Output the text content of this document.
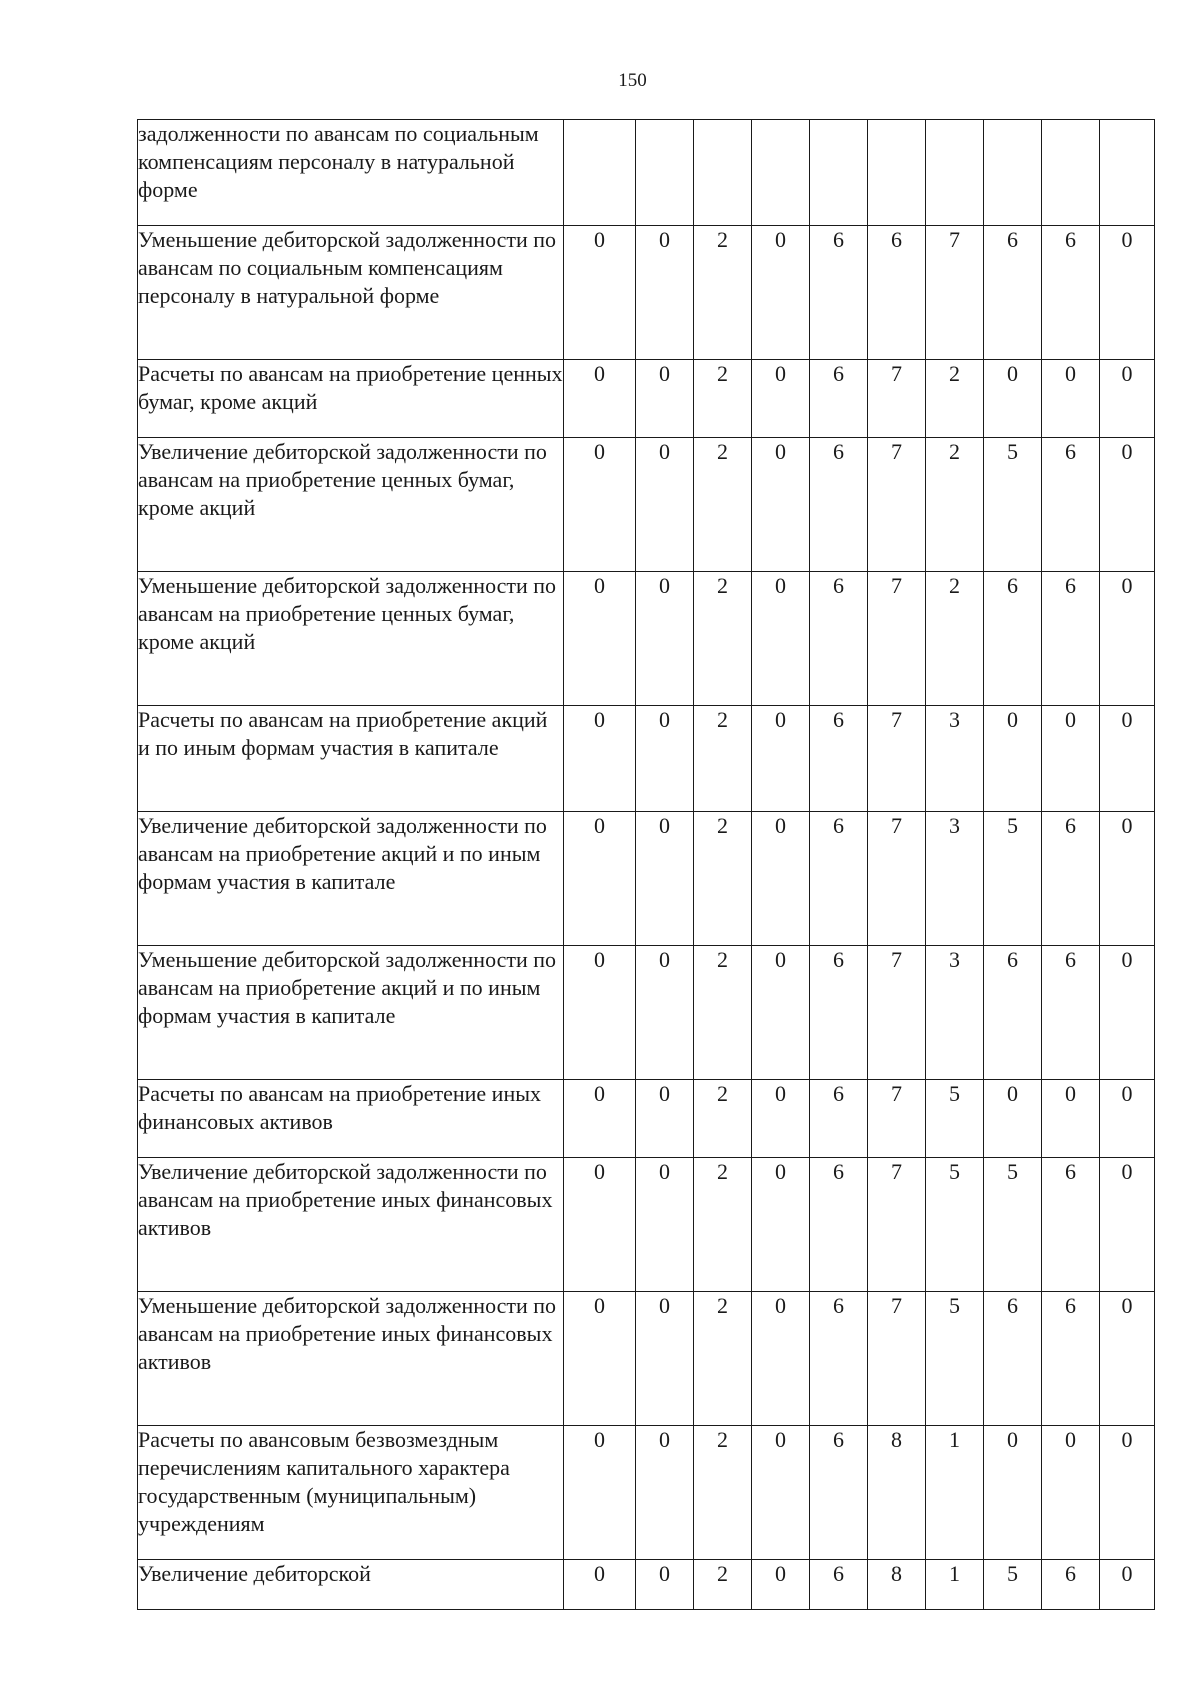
150
задолженности по авансам по социальным компенсациям персоналу в натуральной форме										
Уменьшение дебиторской задолженности по авансам по социальным компенсациям персоналу в натуральной форме	0	0	2	0	6	6	7	6	6	0
Расчеты по авансам на приобретение ценных бумаг, кроме акций	0	0	2	0	6	7	2	0	0	0
Увеличение дебиторской задолженности по авансам на приобретение ценных бумаг, кроме акций	0	0	2	0	6	7	2	5	6	0
Уменьшение дебиторской задолженности по авансам на приобретение ценных бумаг, кроме акций	0	0	2	0	6	7	2	6	6	0
Расчеты по авансам на приобретение акций и по иным формам участия в капитале	0	0	2	0	6	7	3	0	0	0
Увеличение дебиторской задолженности по авансам на приобретение акций и по иным формам участия в капитале	0	0	2	0	6	7	3	5	6	0
Уменьшение дебиторской задолженности по авансам на приобретение акций и по иным формам участия в капитале	0	0	2	0	6	7	3	6	6	0
Расчеты по авансам на приобретение иных финансовых активов	0	0	2	0	6	7	5	0	0	0
Увеличение дебиторской задолженности по авансам на приобретение иных финансовых активов	0	0	2	0	6	7	5	5	6	0
Уменьшение дебиторской задолженности по авансам на приобретение иных финансовых активов	0	0	2	0	6	7	5	6	6	0
Расчеты по авансовым безвозмездным перечислениям капитального характера государственным (муниципальным) учреждениям	0	0	2	0	6	8	1	0	0	0
Увеличение дебиторской	0	0	2	0	6	8	1	5	6	0
